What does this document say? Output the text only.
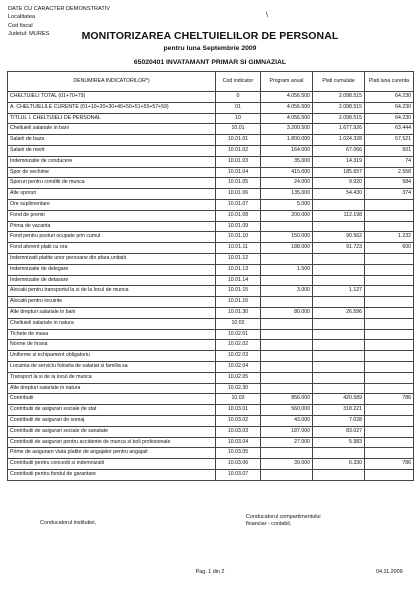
DATE CU CARACTER DEMONSTRATIV
Localitatea
Cod fiscal
Judetul: MURES
\
MONITORIZAREA CHELTUIELILOR DE PERSONAL
pentru luna Septembrie 2009
65020401 INVATAMANT PRIMAR SI GIMNAZIAL
DENUMIREA INDICATORILOR*)	Cod indicator	Program anual	Plati cumulate	Plati luna curenta
CHELTUIELI TOTAL (01+70+79)	0	4.056.500	2.098.515	64.230
A. CHELTUIELILE CURENTE (01+10+20+30+40+50+51+55+57+59)	01	4.056.500	2.098.515	64.230
TITLUL I. CHELTUIELI DE PERSONAL	10	4.056.500	2.098.515	64.230
Cheltuieli salariale in bani	10.01	3.200.500	1.677.926	63.444
Salarii de baza	10.01.01	1.800.000	1.024.328	57.521
Salarii de merit	10.01.02	164.000	67.066	501
Indemnizatie de conducere	10.01.03	35.000	14.319	74
Spor de vechime	10.01.04	415.000	185.657	2.558
Sporuri pentru conditii de munca	10.01.05	24.000	9.920	584
Alte sporuri	10.01.06	135.000	54.430	374
Ore suplimentare	10.01.07	5.000		
Fond de premii	10.01.08	200.000	112.198	
Prima de vacanta	10.01.09			
Fond pentru posturi ocupate prin cumul	10.01.10	150.000	90.562	1.232
Fond aferent platii cu ora	10.01.11	188.000	91.723	600
Indemnizatii platite unor persoane din afara unitatii	10.01.12			
Indemnizatie de delegare	10.01.13	1.500		
Indemnizatie de detasare	10.01.14			
Alocatii pentru transportul la si de la locul de munca	10.01.15	3.000	1.127	
Alocatii pentru locuinte	10.01.16			
Alte drepturi salariale in bani	10.01.30	80.000	26.596	
Cheltuieli salariale in natura	10.02			
Tichete de masa	10.02.01			
Norme de hrana	10.02.02			
Uniforme si echipament obligatoriu	10.02.03			
Locuinta de serviciu folosita de salariat si familia sa	10.02.04			
Transport la si de la locul de munca	10.02.05			
Alte drepturi salariale in natura	10.02.30			
Contributii	10.03	856.000	420.589	786
Contributii de asigurari sociale de stat	10.03.01	560.000	318.221	
Contributii de asigurari de somaj	10.03.02	43.000	7.028	
Contributii de asigurari sociale de sanatate	10.03.03	187.000	83.027	
Contributii de asigurari pentru accidente de munca si boli profesionale	10.03.04	27.000	5.983	
Prime de asigurare viata platite de angajator pentru angajati	10.03.05			
Contributii pentru concedii si indemnizatii	10.03.06	39.000	6.330	786
Contributii pentru fondul de garantare	10.03.07			
Conducatorul institutiei,
Conducatorul compartimentului
financiar - contabil,
Pag. 1 din 2	04.11.2009
